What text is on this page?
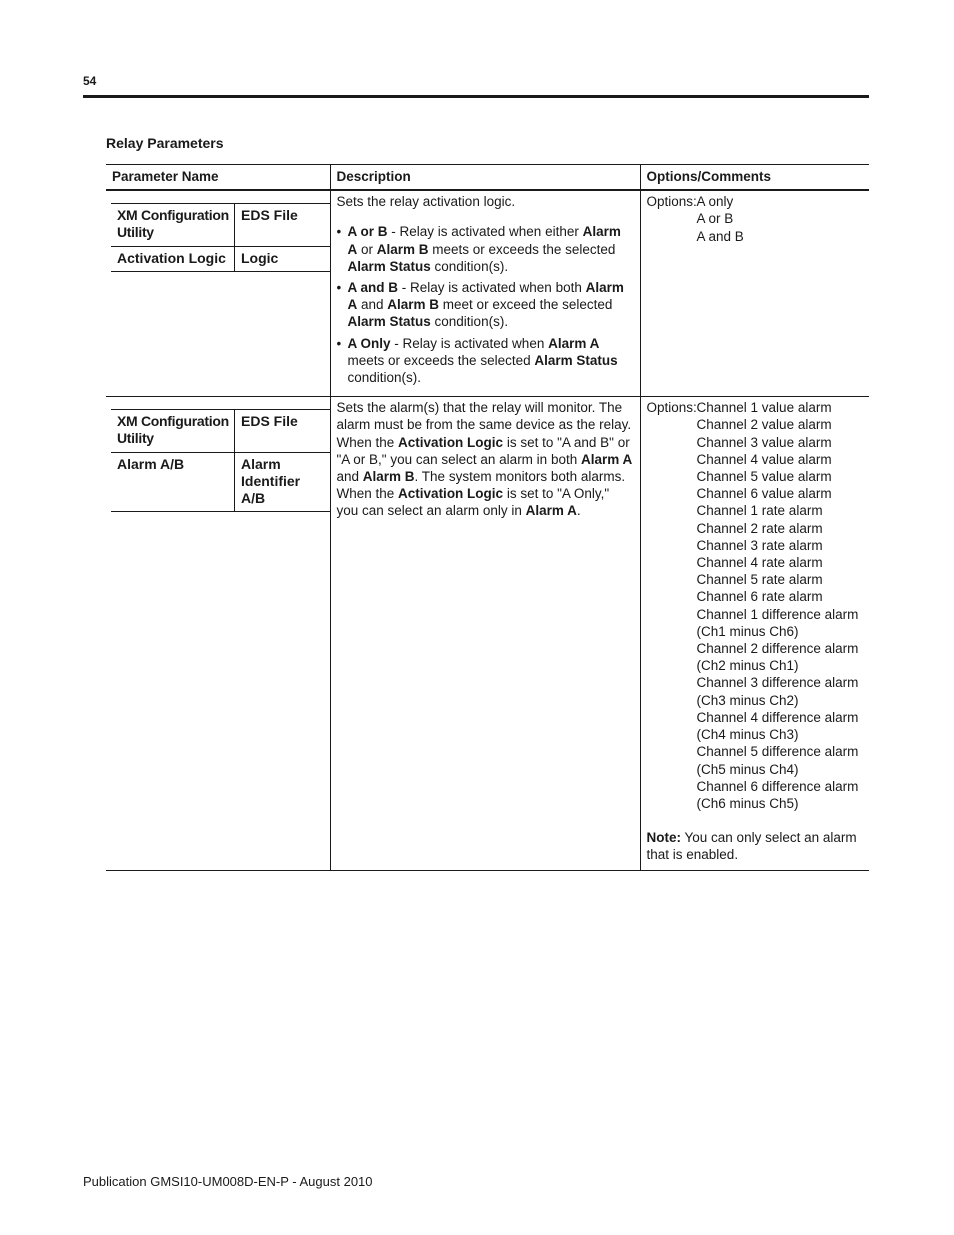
54
Relay Parameters
Parameter Name	Description	Options/Comments

XM Configuration Utility	EDS File
Activation Logic	Logic

Sets the relay activation logic.
• A or B - Relay is activated when either Alarm A or Alarm B meets or exceeds the selected Alarm Status condition(s).
• A and B - Relay is activated when both Alarm A and Alarm B meet or exceed the selected Alarm Status condition(s).
• A Only - Relay is activated when Alarm A meets or exceeds the selected Alarm Status condition(s).

Options: A only
A or B
A and B

XM Configuration Utility	EDS File
Alarm A/B	Alarm Identifier A/B

Sets the alarm(s) that the relay will monitor. The alarm must be from the same device as the relay. When the Activation Logic is set to "A and B" or "A or B," you can select an alarm in both Alarm A and Alarm B. The system monitors both alarms. When the Activation Logic is set to "A Only," you can select an alarm only in Alarm A.

Options: Channel 1 value alarm
Channel 2 value alarm
Channel 3 value alarm
Channel 4 value alarm
Channel 5 value alarm
Channel 6 value alarm
Channel 1 rate alarm
Channel 2 rate alarm
Channel 3 rate alarm
Channel 4 rate alarm
Channel 5 rate alarm
Channel 6 rate alarm
Channel 1 difference alarm
(Ch1 minus Ch6)
Channel 2 difference alarm
(Ch2 minus Ch1)
Channel 3 difference alarm
(Ch3 minus Ch2)
Channel 4 difference alarm
(Ch4 minus Ch3)
Channel 5 difference alarm
(Ch5 minus Ch4)
Channel 6 difference alarm
(Ch6 minus Ch5)
Note: You can only select an alarm that is enabled.
Publication GMSI10-UM008D-EN-P - August 2010
